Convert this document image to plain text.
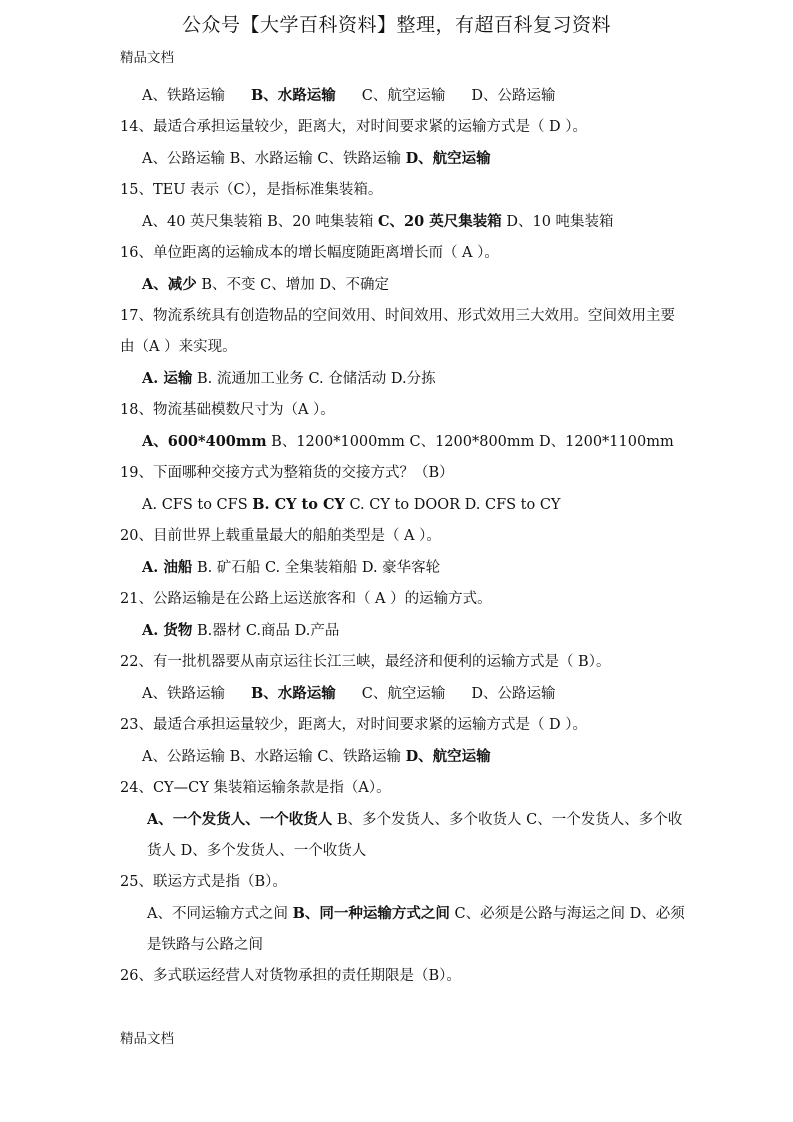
公众号【大学百科资料】整理，有超百科复习资料
精品文档
A、铁路运输 B、水路运输 C、航空运输 D、公路运输
14、最适合承担运量较少，距离大，对时间要求紧的运输方式是（ D ）。
A、公路运输 B、水路运输 C、铁路运输 D、航空运输
15、TEU 表示（C），是指标准集装箱。
A、40 英尺集装箱 B、20 吨集装箱 C、20 英尺集装箱 D、10 吨集装箱
16、单位距离的运输成本的增长幅度随距离增长而（ A ）。
A、减少 B、不变 C、增加 D、不确定
17、物流系统具有创造物品的空间效用、时间效用、形式效用三大效用。空间效用主要由（A ）来实现。
A. 运输 B. 流通加工业务 C. 仓储活动 D.分拣
18、物流基础模数尺寸为（A ）。
A、600*400mm B、1200*1000mm C、1200*800mm D、1200*1100mm
19、下面哪种交接方式为整箱货的交接方式？（B）
A. CFS to CFS B. CY to CY C. CY to DOOR D. CFS to CY
20、目前世界上载重量最大的船舶类型是（ A ）。
A. 油船 B. 矿石船 C. 全集装箱船 D. 豪华客轮
21、公路运输是在公路上运送旅客和（ A ）的运输方式。
A. 货物 B.器材 C.商品 D.产品
22、有一批机器要从南京运往长江三峡，最经济和便利的运输方式是（ B）。
A、铁路运输 B、水路运输 C、航空运输 D、公路运输
23、最适合承担运量较少，距离大，对时间要求紧的运输方式是（ D ）。
A、公路运输 B、水路运输 C、铁路运输 D、航空运输
24、CY—CY 集装箱运输条款是指（A）。
A、一个发货人、一个收货人 B、多个发货人、多个收货人 C、一个发货人、多个收货人 D、多个发货人、一个收货人
25、联运方式是指（B）。
A、不同运输方式之间 B、同一种运输方式之间 C、必须是公路与海运之间 D、必须是铁路与公路之间
26、多式联运经营人对货物承担的责任期限是（B）。
精品文档
